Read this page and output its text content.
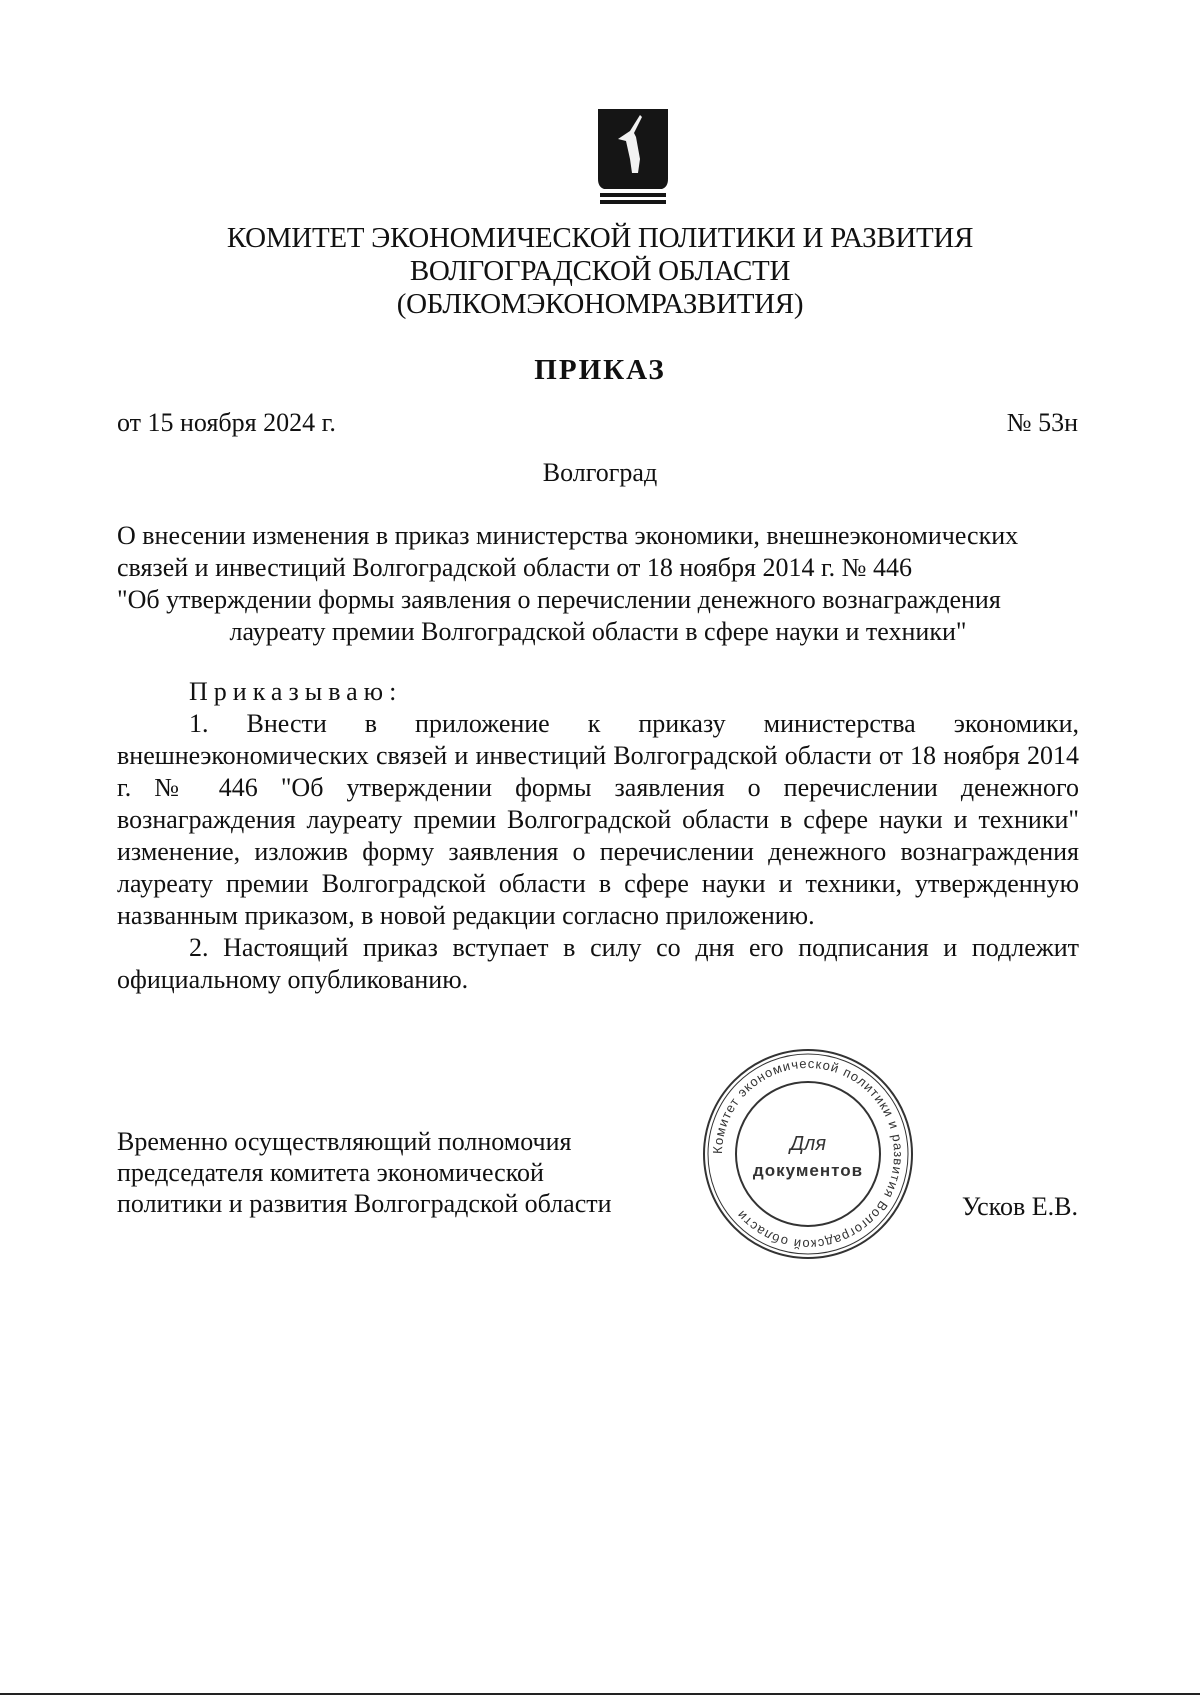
КОМИТЕТ ЭКОНОМИЧЕСКОЙ ПОЛИТИКИ И РАЗВИТИЯ
ВОЛГОГРАДСКОЙ ОБЛАСТИ
(ОБЛКОМЭКОНОМРАЗВИТИЯ)
ПРИКАЗ
от 15 ноября 2024 г.	№ 53н
Волгоград
О внесении изменения в приказ министерства экономики, внешнеэкономических
связей и инвестиций Волгоградской области от 18 ноября 2014 г. № 446
"Об утверждении формы заявления о перечислении денежного вознаграждения
лауреату премии Волгоградской области в сфере науки и техники"

Приказываю:

1. Внести в приложение к приказу министерства экономики, внешнеэкономических связей и инвестиций Волгоградской области от 18 ноября 2014 г. № 446 "Об утверждении формы заявления о перечислении денежного вознаграждения лауреату премии Волгоградской области в сфере науки и техники" изменение, изложив форму заявления о перечислении денежного вознаграждения лауреату премии Волгоградской области в сфере науки и техники, утвержденную названным приказом, в новой редакции согласно приложению.

2. Настоящий приказ вступает в силу со дня его подписания и подлежит официальному опубликованию.

Временно осуществляющий полномочия
председателя комитета экономической
политики и развития Волгоградской области
Комитет экономической политики и развития Волгоградской области
Для
документов
Усков Е.В.
